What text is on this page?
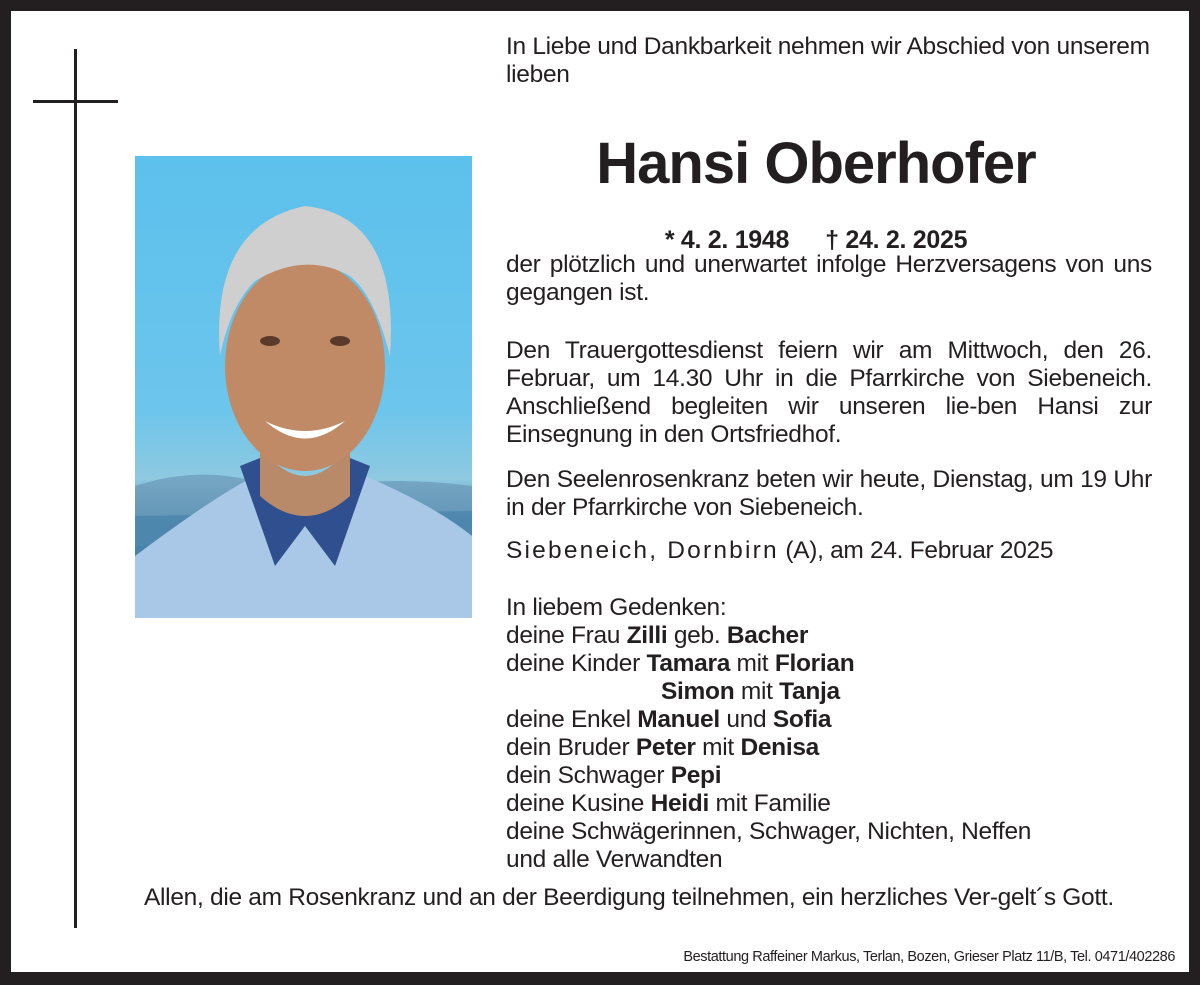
In Liebe und Dankbarkeit nehmen wir Abschied von unserem lieben
Hansi Oberhofer
* 4. 2. 1948 † 24. 2. 2025
der plötzlich und unerwartet infolge Herzversagens von uns gegangen ist.
Den Trauergottesdienst feiern wir am Mittwoch, den 26. Februar, um 14.30 Uhr in die Pfarrkirche von Siebeneich. Anschließend begleiten wir unseren lie-ben Hansi zur Einsegnung in den Ortsfriedhof.
Den Seelenrosenkranz beten wir heute, Dienstag, um 19 Uhr in der Pfarrkirche von Siebeneich.
Siebeneich, Dornbirn (A), am 24. Februar 2025
In liebem Gedenken:
deine Frau Zilli geb. Bacher
deine Kinder Tamara mit Florian
Simon mit Tanja
deine Enkel Manuel und Sofia
dein Bruder Peter mit Denisa
dein Schwager Pepi
deine Kusine Heidi mit Familie
deine Schwägerinnen, Schwager, Nichten, Neffen
und alle Verwandten
Allen, die am Rosenkranz und an der Beerdigung teilnehmen, ein herzliches Ver-gelt´s Gott.
Bestattung Raffeiner Markus, Terlan, Bozen, Grieser Platz 11/B, Tel. 0471/402286
